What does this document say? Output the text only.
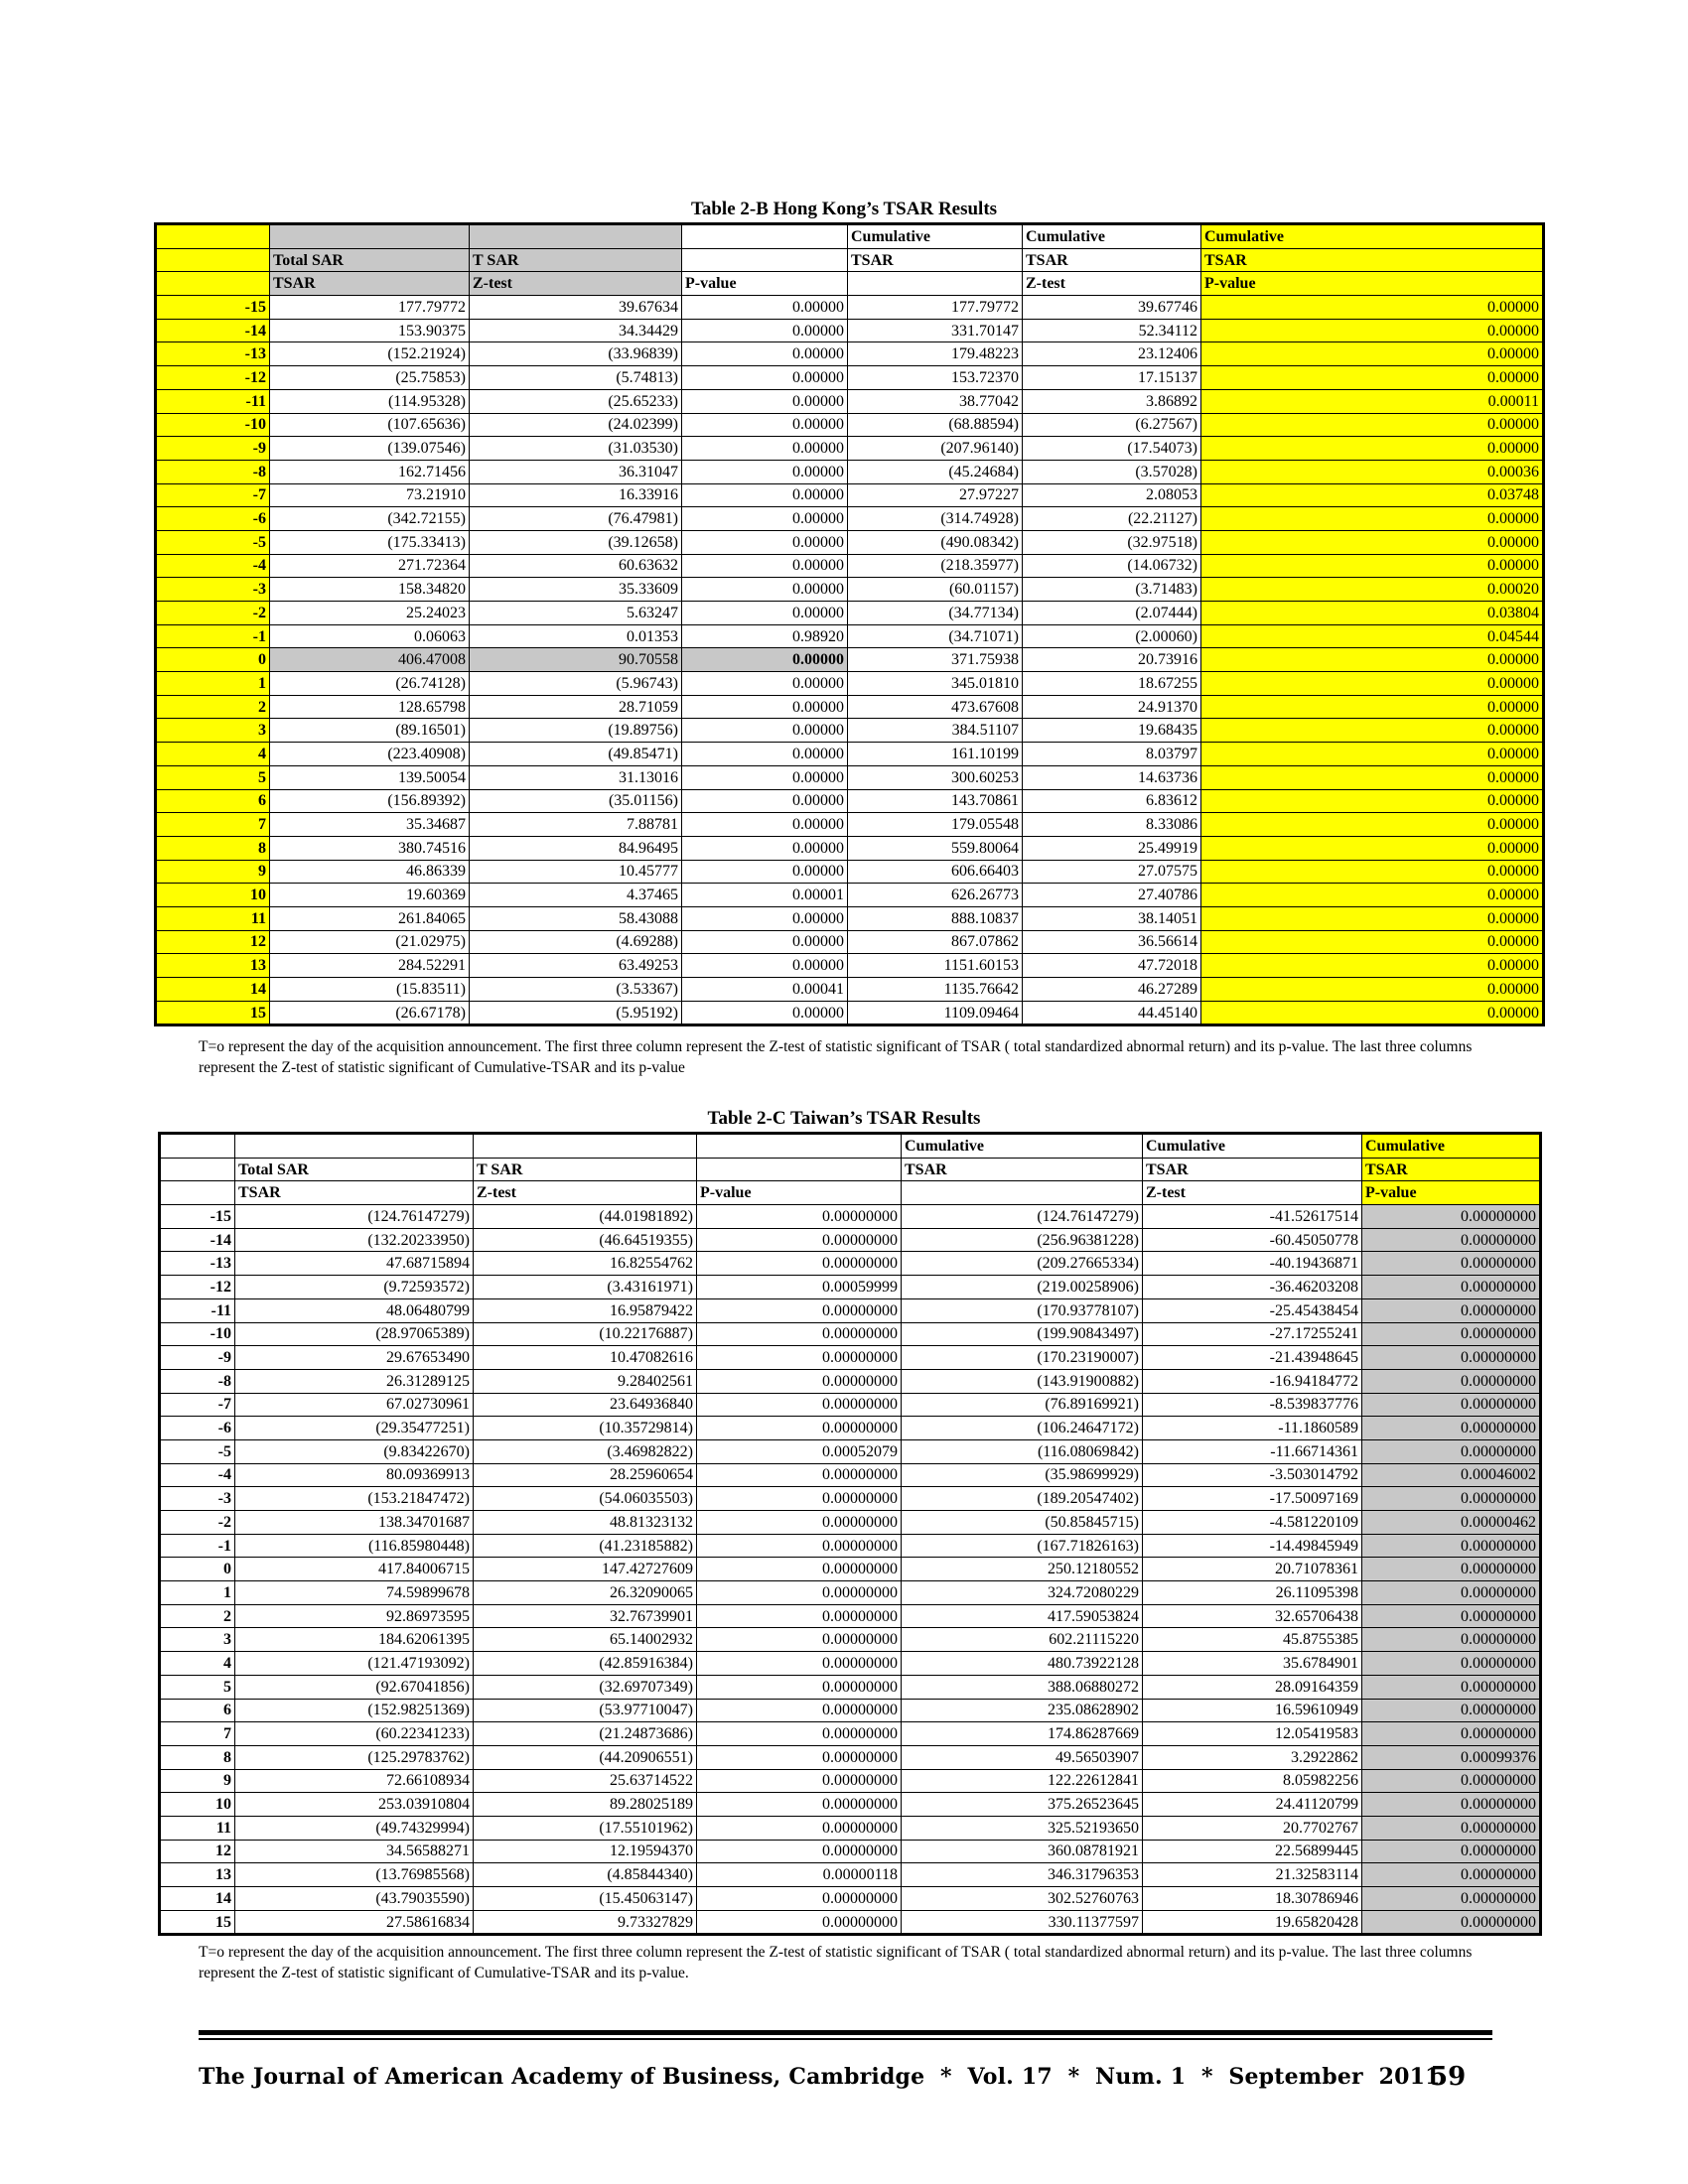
Table 2-B Hong Kong’s TSAR Results
				Cumulative	Cumulative	Cumulative
	Total SAR	T SAR		TSAR	TSAR	TSAR
	TSAR	Z-test	P-value		Z-test	P-value
-15	177.79772	39.67634	0.00000	177.79772	39.67746	0.00000
-14	153.90375	34.34429	0.00000	331.70147	52.34112	0.00000
-13	(152.21924)	(33.96839)	0.00000	179.48223	23.12406	0.00000
-12	(25.75853)	(5.74813)	0.00000	153.72370	17.15137	0.00000
-11	(114.95328)	(25.65233)	0.00000	38.77042	3.86892	0.00011
-10	(107.65636)	(24.02399)	0.00000	(68.88594)	(6.27567)	0.00000
-9	(139.07546)	(31.03530)	0.00000	(207.96140)	(17.54073)	0.00000
-8	162.71456	36.31047	0.00000	(45.24684)	(3.57028)	0.00036
-7	73.21910	16.33916	0.00000	27.97227	2.08053	0.03748
-6	(342.72155)	(76.47981)	0.00000	(314.74928)	(22.21127)	0.00000
-5	(175.33413)	(39.12658)	0.00000	(490.08342)	(32.97518)	0.00000
-4	271.72364	60.63632	0.00000	(218.35977)	(14.06732)	0.00000
-3	158.34820	35.33609	0.00000	(60.01157)	(3.71483)	0.00020
-2	25.24023	5.63247	0.00000	(34.77134)	(2.07444)	0.03804
-1	0.06063	0.01353	0.98920	(34.71071)	(2.00060)	0.04544
0	406.47008	90.70558	0.00000	371.75938	20.73916	0.00000
1	(26.74128)	(5.96743)	0.00000	345.01810	18.67255	0.00000
2	128.65798	28.71059	0.00000	473.67608	24.91370	0.00000
3	(89.16501)	(19.89756)	0.00000	384.51107	19.68435	0.00000
4	(223.40908)	(49.85471)	0.00000	161.10199	8.03797	0.00000
5	139.50054	31.13016	0.00000	300.60253	14.63736	0.00000
6	(156.89392)	(35.01156)	0.00000	143.70861	6.83612	0.00000
7	35.34687	7.88781	0.00000	179.05548	8.33086	0.00000
8	380.74516	84.96495	0.00000	559.80064	25.49919	0.00000
9	46.86339	10.45777	0.00000	606.66403	27.07575	0.00000
10	19.60369	4.37465	0.00001	626.26773	27.40786	0.00000
11	261.84065	58.43088	0.00000	888.10837	38.14051	0.00000
12	(21.02975)	(4.69288)	0.00000	867.07862	36.56614	0.00000
13	284.52291	63.49253	0.00000	1151.60153	47.72018	0.00000
14	(15.83511)	(3.53367)	0.00041	1135.76642	46.27289	0.00000
15	(26.67178)	(5.95192)	0.00000	1109.09464	44.45140	0.00000
T=o represent the day of the acquisition announcement. The first three column represent the Z-test of statistic significant of TSAR ( total standardized abnormal return) and its p-value. The last three columns represent the Z-test of statistic significant of Cumulative-TSAR and its p-value
Table 2-C Taiwan’s TSAR Results
				Cumulative	Cumulative	Cumulative
	Total SAR	T SAR		TSAR	TSAR	TSAR
	TSAR	Z-test	P-value		Z-test	P-value
-15	(124.76147279)	(44.01981892)	0.00000000	(124.76147279)	-41.52617514	0.00000000
-14	(132.20233950)	(46.64519355)	0.00000000	(256.96381228)	-60.45050778	0.00000000
-13	47.68715894	16.82554762	0.00000000	(209.27665334)	-40.19436871	0.00000000
-12	(9.72593572)	(3.43161971)	0.00059999	(219.00258906)	-36.46203208	0.00000000
-11	48.06480799	16.95879422	0.00000000	(170.93778107)	-25.45438454	0.00000000
-10	(28.97065389)	(10.22176887)	0.00000000	(199.90843497)	-27.17255241	0.00000000
-9	29.67653490	10.47082616	0.00000000	(170.23190007)	-21.43948645	0.00000000
-8	26.31289125	9.28402561	0.00000000	(143.91900882)	-16.94184772	0.00000000
-7	67.02730961	23.64936840	0.00000000	(76.89169921)	-8.539837776	0.00000000
-6	(29.35477251)	(10.35729814)	0.00000000	(106.24647172)	-11.1860589	0.00000000
-5	(9.83422670)	(3.46982822)	0.00052079	(116.08069842)	-11.66714361	0.00000000
-4	80.09369913	28.25960654	0.00000000	(35.98699929)	-3.503014792	0.00046002
-3	(153.21847472)	(54.06035503)	0.00000000	(189.20547402)	-17.50097169	0.00000000
-2	138.34701687	48.81323132	0.00000000	(50.85845715)	-4.581220109	0.00000462
-1	(116.85980448)	(41.23185882)	0.00000000	(167.71826163)	-14.49845949	0.00000000
0	417.84006715	147.42727609	0.00000000	250.12180552	20.71078361	0.00000000
1	74.59899678	26.32090065	0.00000000	324.72080229	26.11095398	0.00000000
2	92.86973595	32.76739901	0.00000000	417.59053824	32.65706438	0.00000000
3	184.62061395	65.14002932	0.00000000	602.21115220	45.8755385	0.00000000
4	(121.47193092)	(42.85916384)	0.00000000	480.73922128	35.6784901	0.00000000
5	(92.67041856)	(32.69707349)	0.00000000	388.06880272	28.09164359	0.00000000
6	(152.98251369)	(53.97710047)	0.00000000	235.08628902	16.59610949	0.00000000
7	(60.22341233)	(21.24873686)	0.00000000	174.86287669	12.05419583	0.00000000
8	(125.29783762)	(44.20906551)	0.00000000	49.56503907	3.2922862	0.00099376
9	72.66108934	25.63714522	0.00000000	122.22612841	8.05982256	0.00000000
10	253.03910804	89.28025189	0.00000000	375.26523645	24.41120799	0.00000000
11	(49.74329994)	(17.55101962)	0.00000000	325.52193650	20.7702767	0.00000000
12	34.56588271	12.19594370	0.00000000	360.08781921	22.56899445	0.00000000
13	(13.76985568)	(4.85844340)	0.00000118	346.31796353	21.32583114	0.00000000
14	(43.79035590)	(15.45063147)	0.00000000	302.52760763	18.30786946	0.00000000
15	27.58616834	9.73327829	0.00000000	330.11377597	19.65820428	0.00000000
T=o represent the day of the acquisition announcement. The first three column represent the Z-test of statistic significant of TSAR ( total standardized abnormal return) and its p-value. The last three columns represent the Z-test of statistic significant of Cumulative-TSAR and its p-value.
The Journal of American Academy of Business, Cambridge  *  Vol. 17  *  Num. 1  *  September  2011
59
